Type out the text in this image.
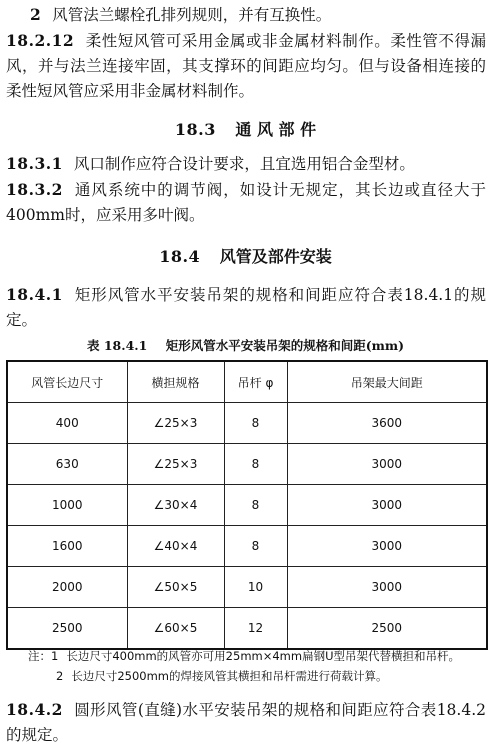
2 风管法兰螺栓孔排列规则，并有互换性。

18.2.12 柔性短风管可采用金属或非金属材料制作。柔性管不得漏风，并与法兰连接牢固，其支撑环的间距应均匀。但与设备相连接的柔性短风管应采用非金属材料制作。

18.3 通 风 部 件

18.3.1 风口制作应符合设计要求，且宜选用铝合金型材。

18.3.2 通风系统中的调节阀，如设计无规定，其长边或直径大于400mm时，应采用多叶阀。

18.4 风管及部件安装

18.4.1 矩形风管水平安装吊架的规格和间距应符合表18.4.1的规定。

表 18.4.1 矩形风管水平安装吊架的规格和间距(mm)
风管长边尺寸	横担规格	吊杆 φ	吊架最大间距
400	∠25×3	8	3600
630	∠25×3	8	3000
1000	∠30×4	8	3000
1600	∠40×4	8	3000
2000	∠50×5	10	3000
2500	∠60×5	12	2500
注：1 长边尺寸400mm的风管亦可用25mm×4mm扁钢U型吊架代替横担和吊杆。
2 长边尺寸2500mm的焊接风管其横担和吊杆需进行荷载计算。

18.4.2 圆形风管(直缝)水平安装吊架的规格和间距应符合表18.4.2的规定。
